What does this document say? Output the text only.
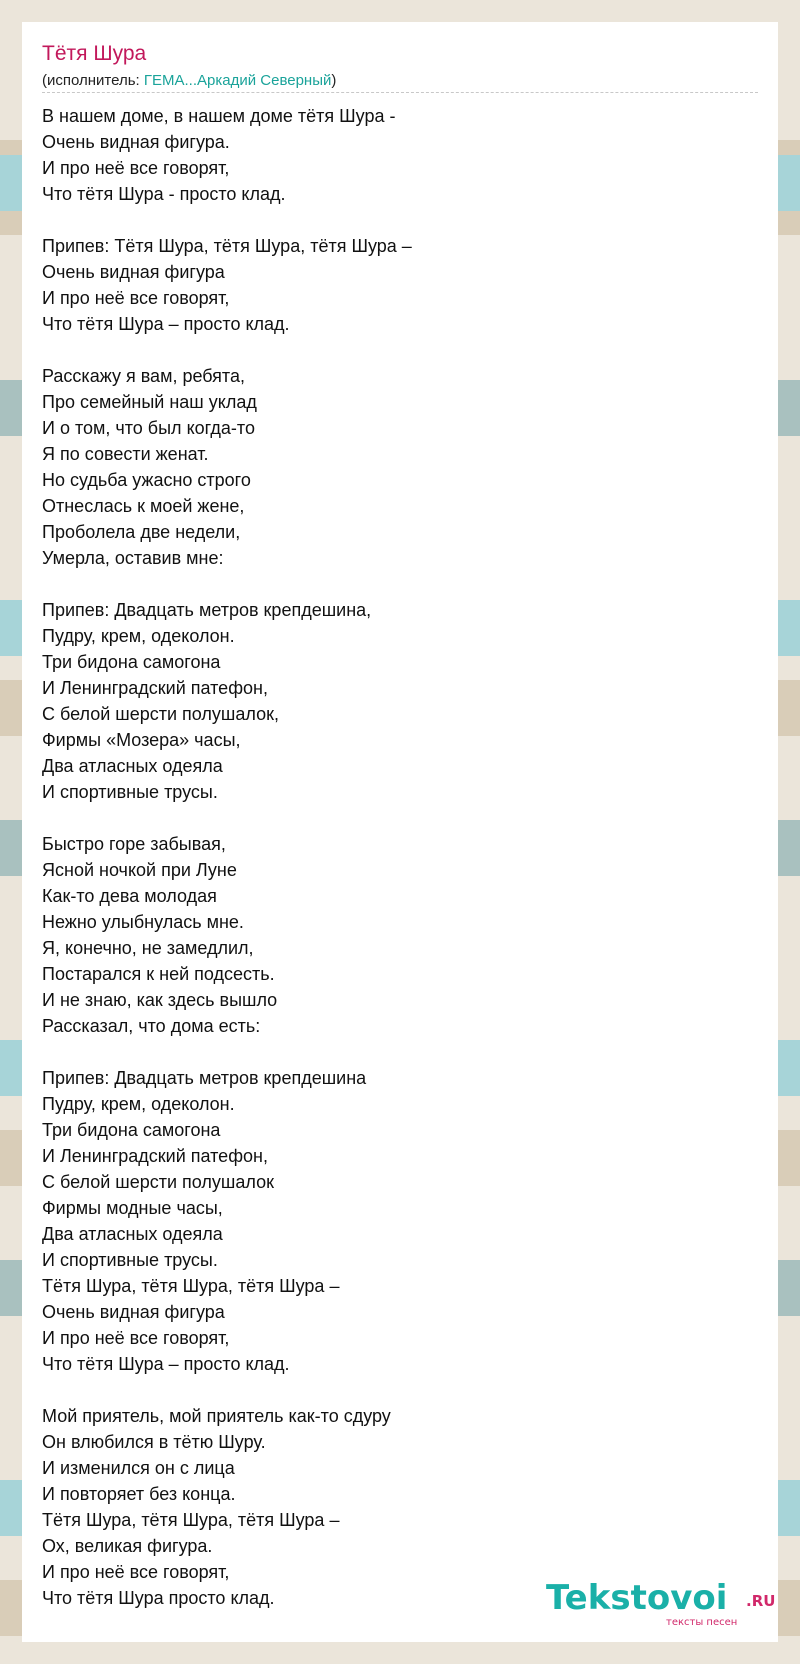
Тётя Шура
(исполнитель: ГЕМА...Аркадий Северный)
В нашем доме, в нашем доме тётя Шура -
Очень видная фигура.
И про неё все говорят,
Что тётя Шура - просто клад.
Припев: Тётя Шура, тётя Шура, тётя Шура –
Очень видная фигура
И про неё все говорят,
Что тётя Шура – просто клад.
Расскажу я вам, ребята,
Про семейный наш уклад
И о том, что был когда-то
Я по совести женат.
Но судьба ужасно строго
Отнеслась к моей жене,
Проболела две недели,
Умерла, оставив мне:
Припев: Двадцать метров крепдешина,
Пудру, крем, одеколон.
Три бидона самогона
И Ленинградский патефон,
С белой шерсти полушалок,
Фирмы «Мозера» часы,
Два атласных одеяла
И спортивные трусы.
Быстро горе забывая,
Ясной ночкой при Луне
Как-то дева молодая
Нежно улыбнулась мне.
Я, конечно, не замедлил,
Постарался к ней подсесть.
И не знаю, как здесь вышло
Рассказал, что дома есть:
Припев: Двадцать метров крепдешина
Пудру, крем, одеколон.
Три бидона самогона
И Ленинградский патефон,
С белой шерсти полушалок
Фирмы модные часы,
Два атласных одеяла
И спортивные трусы.
Тётя Шура, тётя Шура, тётя Шура –
Очень видная фигура
И про неё все говорят,
Что тётя Шура – просто клад.
Мой приятель, мой приятель как-то сдуру
Он влюбился в тётю Шуру.
И изменился он с лица
И повторяет без конца.
Тётя Шура, тётя Шура, тётя Шура –
Ох, великая фигура.
И про неё все говорят,
Что тётя Шура просто клад.	Tekstovoi .RU
тексты песен
